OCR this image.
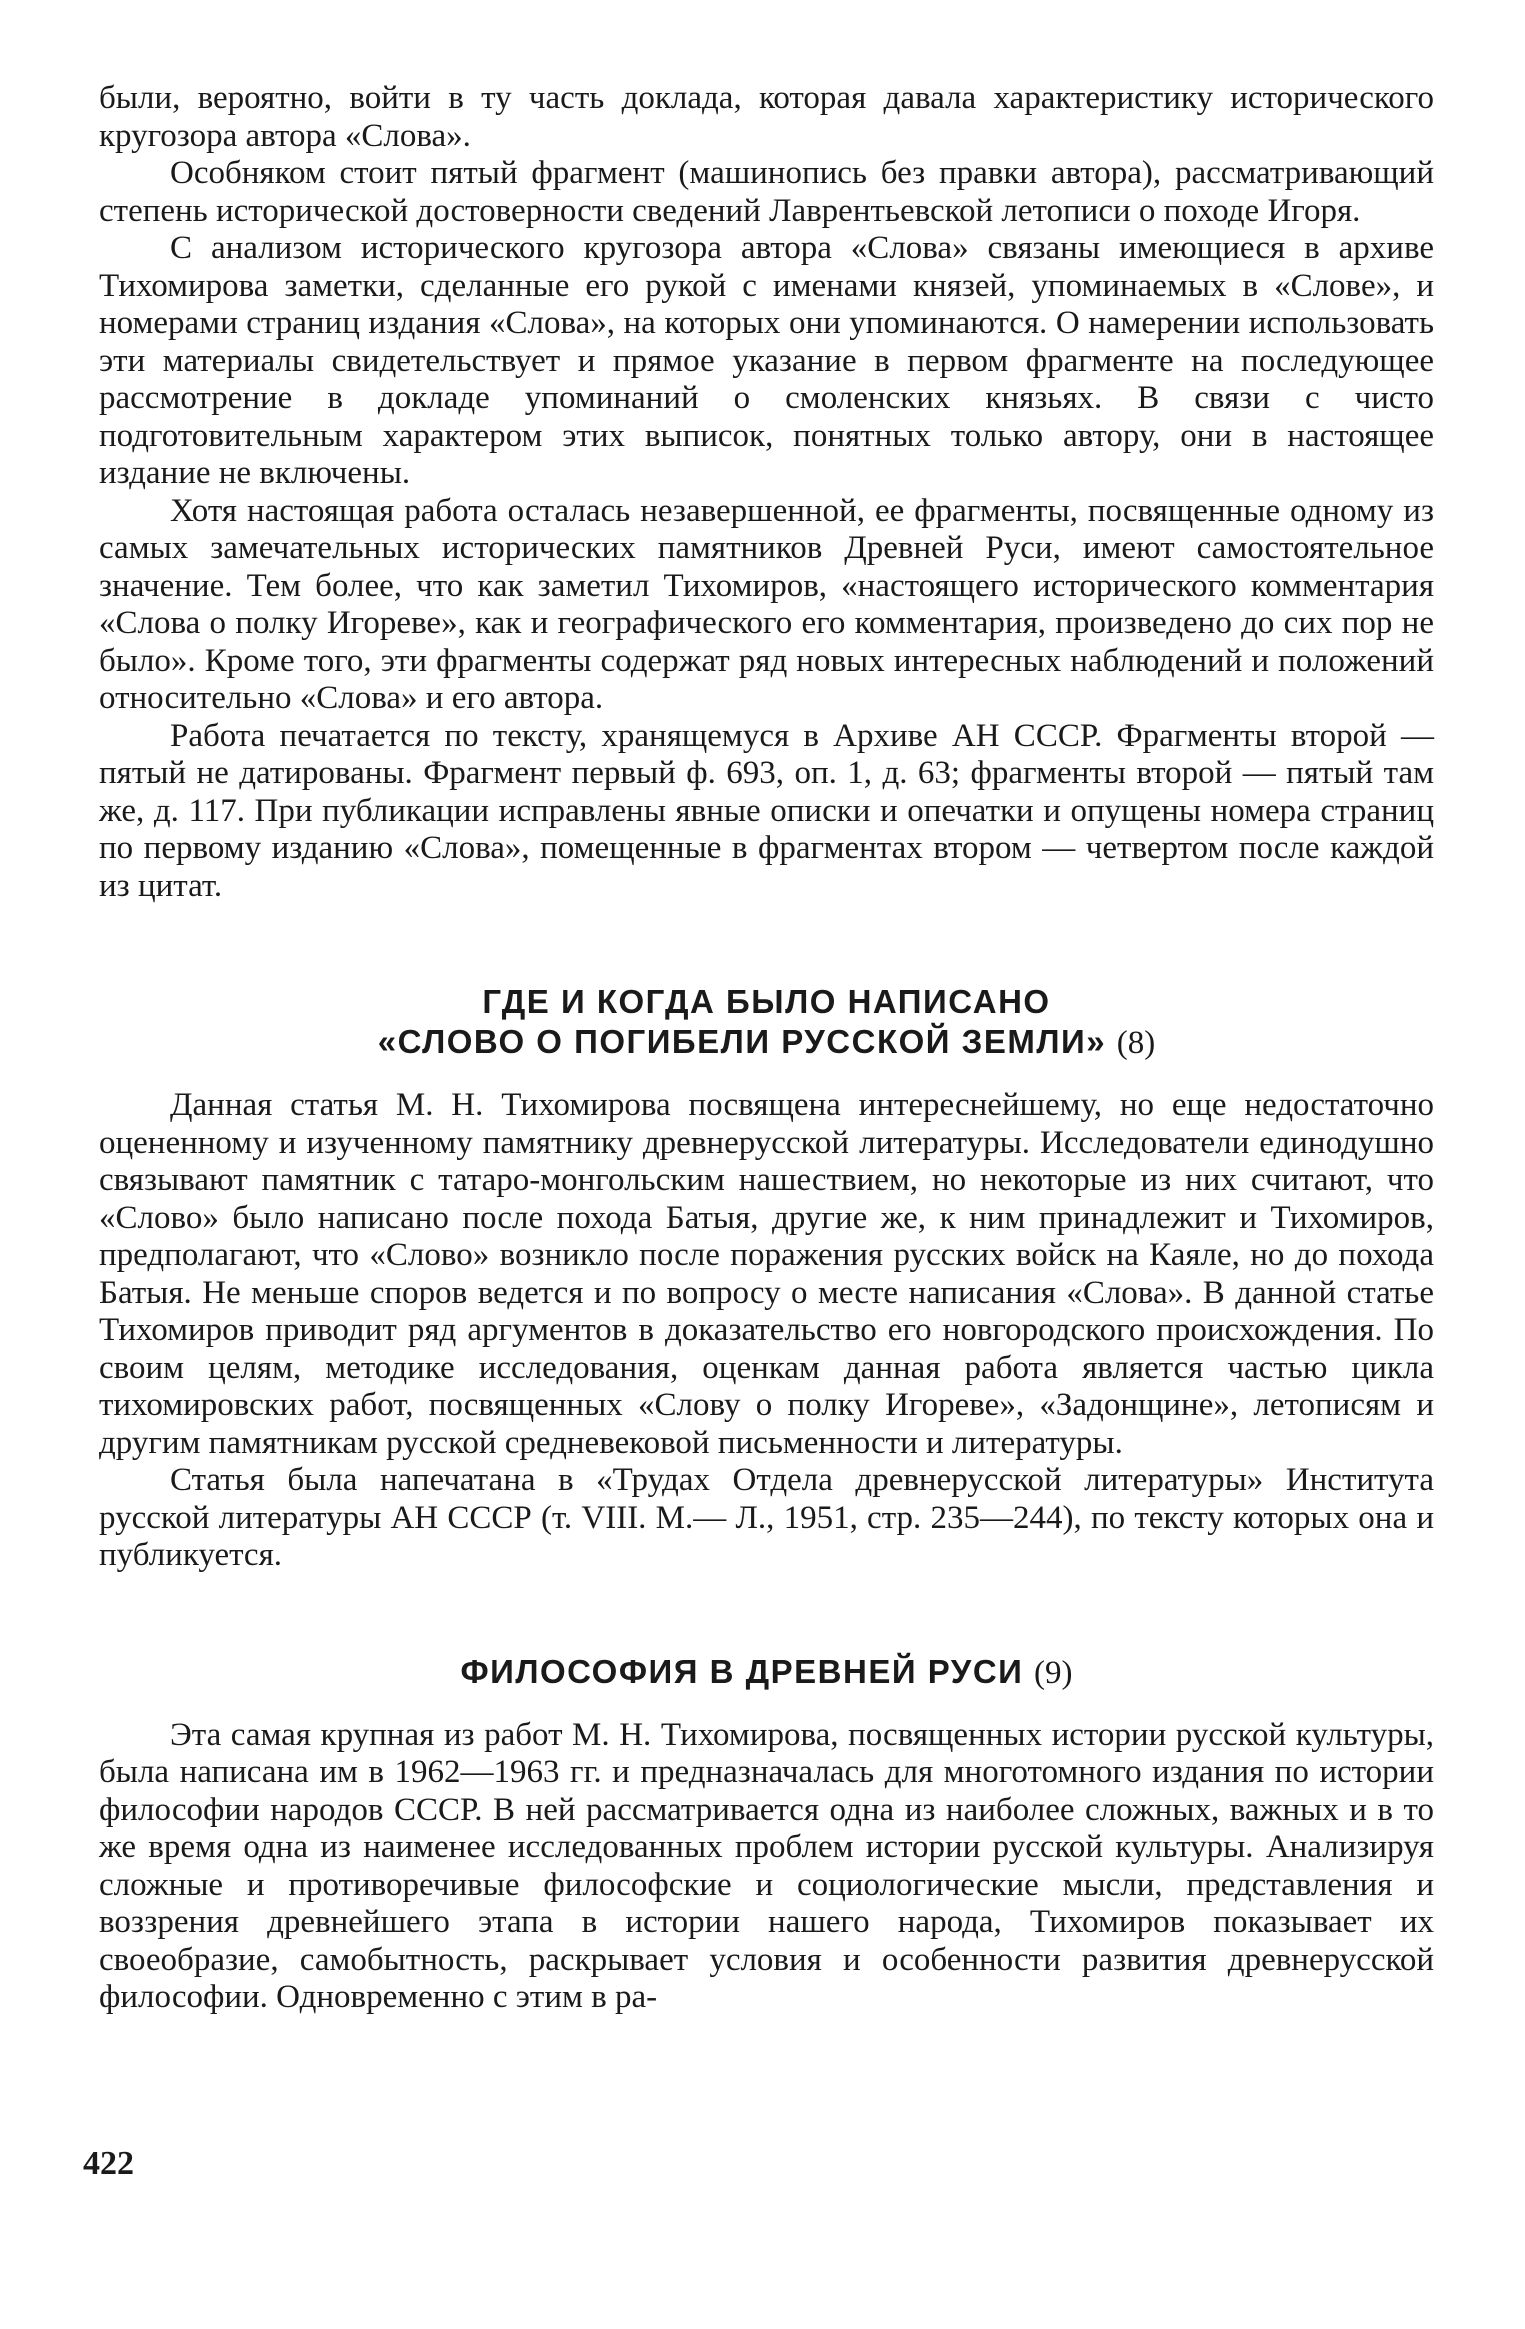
были, вероятно, войти в ту часть доклада, которая давала характеристику исторического кругозора автора «Слова».

Особняком стоит пятый фрагмент (машинопись без правки автора), рассматривающий степень исторической достоверности сведений Лаврентьевской летописи о походе Игоря.

С анализом исторического кругозора автора «Слова» связаны имеющиеся в архиве Тихомирова заметки, сделанные его рукой с именами князей, упоминаемых в «Слове», и номерами страниц издания «Слова», на которых они упоминаются. О намерении использовать эти материалы свидетельствует и прямое указание в первом фрагменте на последующее рассмотрение в докладе упоминаний о смоленских князьях. В связи с чисто подготовительным характером этих выписок, понятных только автору, они в настоящее издание не включены.

Хотя настоящая работа осталась незавершенной, ее фрагменты, посвященные одному из самых замечательных исторических памятников Древней Руси, имеют самостоятельное значение. Тем более, что как заметил Тихомиров, «настоящего исторического комментария «Слова о полку Игореве», как и географического его комментария, произведено до сих пор не было». Кроме того, эти фрагменты содержат ряд новых интересных наблюдений и положений относительно «Слова» и его автора.

Работа печатается по тексту, хранящемуся в Архиве АН СССР. Фрагменты второй — пятый не датированы. Фрагмент первый ф. 693, оп. 1, д. 63; фрагменты второй — пятый там же, д. 117. При публикации исправлены явные описки и опечатки и опущены номера страниц по первому изданию «Слова», помещенные в фрагментах втором — четвертом после каждой из цитат.

ГДЕ И КОГДА БЫЛО НАПИСАНО
«СЛОВО О ПОГИБЕЛИ РУССКОЙ ЗЕМЛИ» (8)

Данная статья М. Н. Тихомирова посвящена интереснейшему, но еще недостаточно оцененному и изученному памятнику древнерусской литературы. Исследователи единодушно связывают памятник с татаро-монгольским нашествием, но некоторые из них считают, что «Слово» было написано после похода Батыя, другие же, к ним принадлежит и Тихомиров, предполагают, что «Слово» возникло после поражения русских войск на Каяле, но до похода Батыя. Не меньше споров ведется и по вопросу о месте написания «Слова». В данной статье Тихомиров приводит ряд аргументов в доказательство его новгородского происхождения. По своим целям, методике исследования, оценкам данная работа является частью цикла тихомировских работ, посвященных «Слову о полку Игореве», «Задонщине», летописям и другим памятникам русской средневековой письменности и литературы.

Статья была напечатана в «Трудах Отдела древнерусской литературы» Института русской литературы АН СССР (т. VIII. М.— Л., 1951, стр. 235—244), по тексту которых она и публикуется.

ФИЛОСОФИЯ В ДРЕВНЕЙ РУСИ (9)

Эта самая крупная из работ М. Н. Тихомирова, посвященных истории русской культуры, была написана им в 1962—1963 гг. и предназначалась для многотомного издания по истории философии народов СССР. В ней рассматривается одна из наиболее сложных, важных и в то же время одна из наименее исследованных проблем истории русской культуры. Анализируя сложные и противоречивые философские и социологические мысли, представления и воззрения древнейшего этапа в истории нашего народа, Тихомиров показывает их своеобразие, самобытность, раскрывает условия и особенности развития древнерусской философии. Одновременно с этим в ра-

422
